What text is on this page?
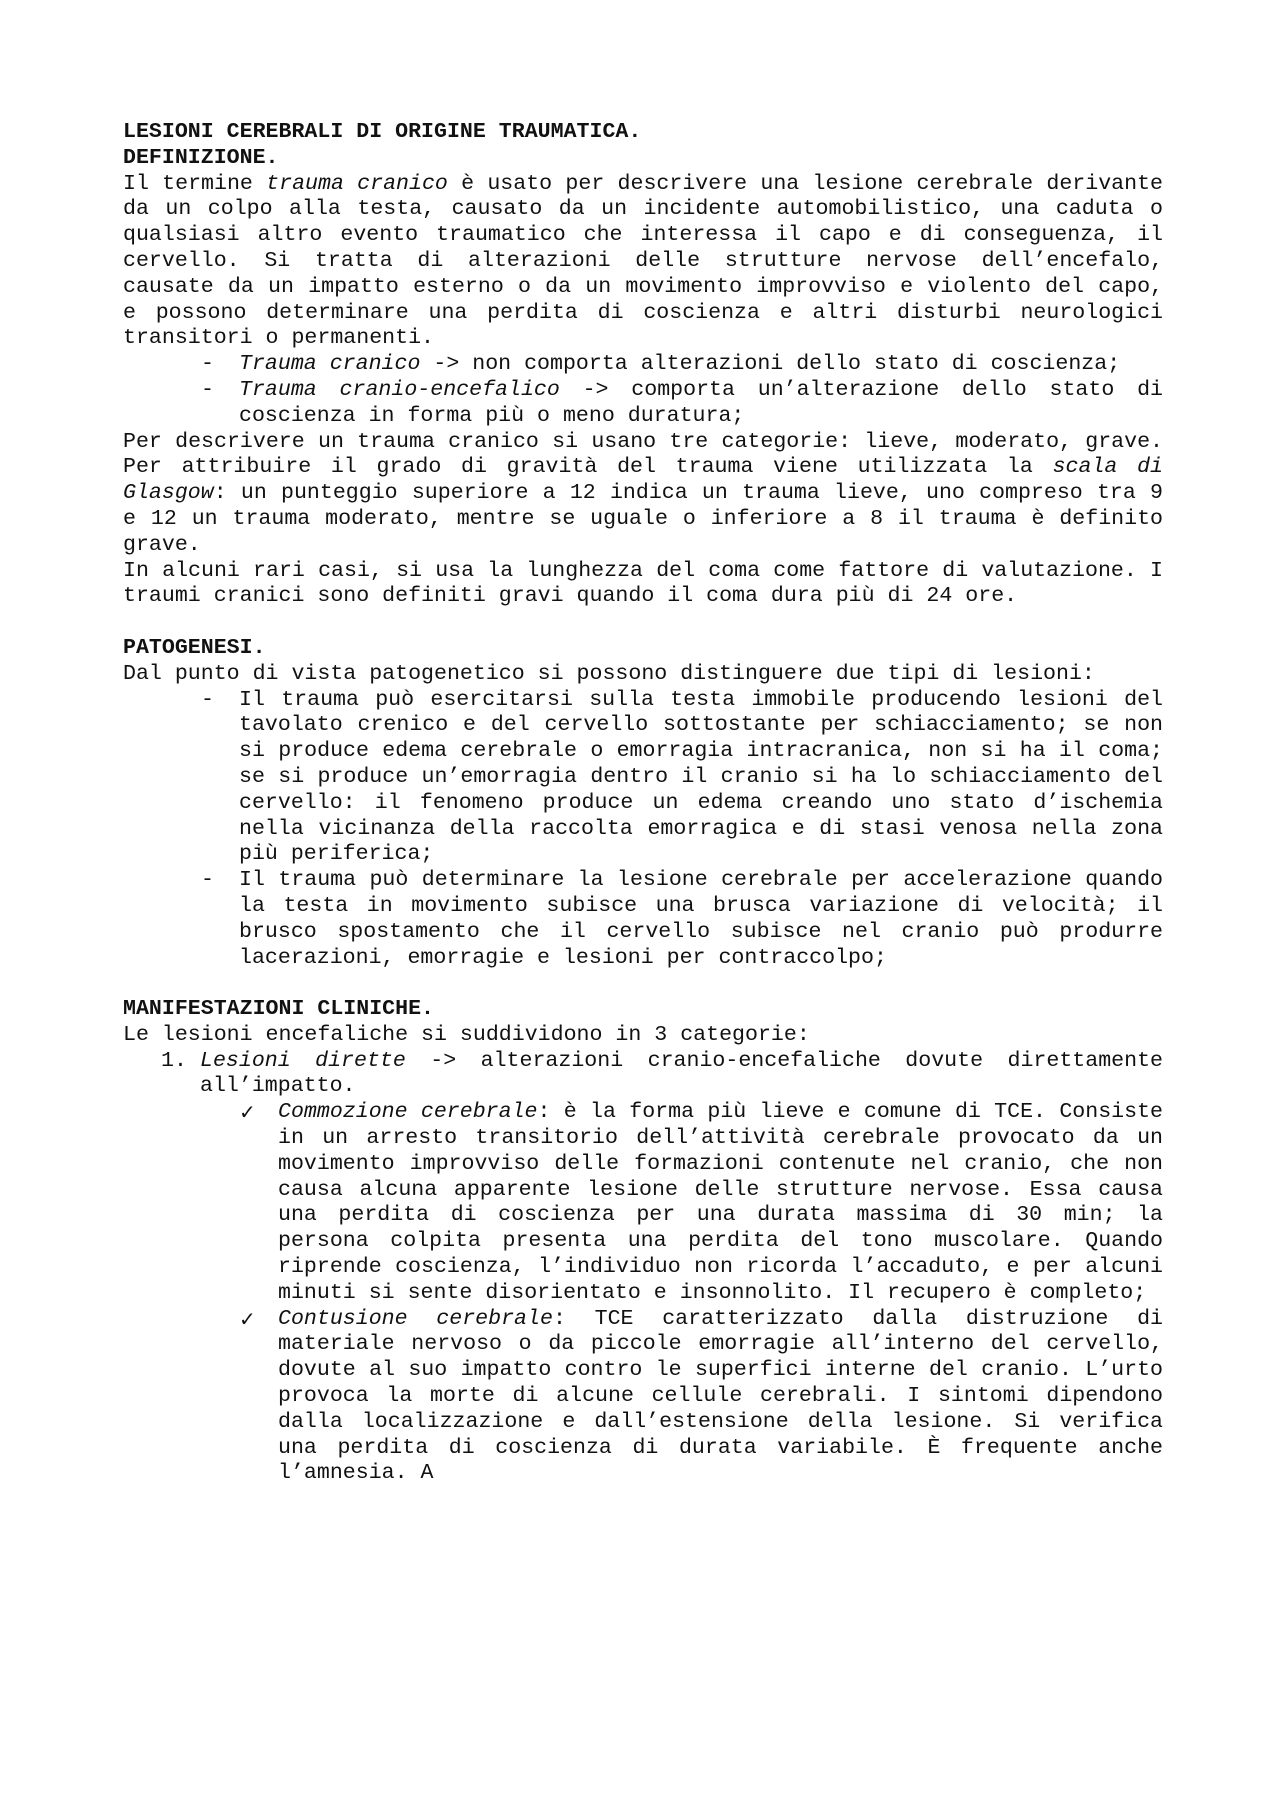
LESIONI CEREBRALI DI ORIGINE TRAUMATICA.
DEFINIZIONE.
Il termine trauma cranico è usato per descrivere una lesione cerebrale derivante da un colpo alla testa, causato da un incidente automobilistico, una caduta o qualsiasi altro evento traumatico che interessa il capo e di conseguenza, il cervello. Si tratta di alterazioni delle strutture nervose dell’encefalo, causate da un impatto esterno o da un movimento improvviso e violento del capo, e possono determinare una perdita di coscienza e altri disturbi neurologici transitori o permanenti.
- Trauma cranico -> non comporta alterazioni dello stato di coscienza;
- Trauma cranio-encefalico -> comporta un’alterazione dello stato di coscienza in forma più o meno duratura;
Per descrivere un trauma cranico si usano tre categorie: lieve, moderato, grave. Per attribuire il grado di gravità del trauma viene utilizzata la scala di Glasgow: un punteggio superiore a 12 indica un trauma lieve, uno compreso tra 9 e 12 un trauma moderato, mentre se uguale o inferiore a 8 il trauma è definito grave.
In alcuni rari casi, si usa la lunghezza del coma come fattore di valutazione. I traumi cranici sono definiti gravi quando il coma dura più di 24 ore.
PATOGENESI.
Dal punto di vista patogenetico si possono distinguere due tipi di lesioni:
- Il trauma può esercitarsi sulla testa immobile producendo lesioni del tavolato crenico e del cervello sottostante per schiacciamento; se non si produce edema cerebrale o emorragia intracranica, non si ha il coma; se si produce un’emorragia dentro il cranio si ha lo schiacciamento del cervello: il fenomeno produce un edema creando uno stato d’ischemia nella vicinanza della raccolta emorragica e di stasi venosa nella zona più periferica;
- Il trauma può determinare la lesione cerebrale per accelerazione quando la testa in movimento subisce una brusca variazione di velocità; il brusco spostamento che il cervello subisce nel cranio può produrre lacerazioni, emorragie e lesioni per contraccolpo;
MANIFESTAZIONI CLINICHE.
Le lesioni encefaliche si suddividono in 3 categorie:
1. Lesioni dirette -> alterazioni cranio-encefaliche dovute direttamente all’impatto.
✓ Commozione cerebrale: è la forma più lieve e comune di TCE. Consiste in un arresto transitorio dell’attività cerebrale provocato da un movimento improvviso delle formazioni contenute nel cranio, che non causa alcuna apparente lesione delle strutture nervose. Essa causa una perdita di coscienza per una durata massima di 30 min; la persona colpita presenta una perdita del tono muscolare. Quando riprende coscienza, l’individuo non ricorda l’accaduto, e per alcuni minuti si sente disorientato e insonnolito. Il recupero è completo;
✓ Contusione cerebrale: TCE caratterizzato dalla distruzione di materiale nervoso o da piccole emorragie all’interno del cervello, dovute al suo impatto contro le superfici interne del cranio. L’urto provoca la morte di alcune cellule cerebrali. I sintomi dipendono dalla localizzazione e dall’estensione della lesione. Si verifica una perdita di coscienza di durata variabile. È frequente anche l’amnesia. A
